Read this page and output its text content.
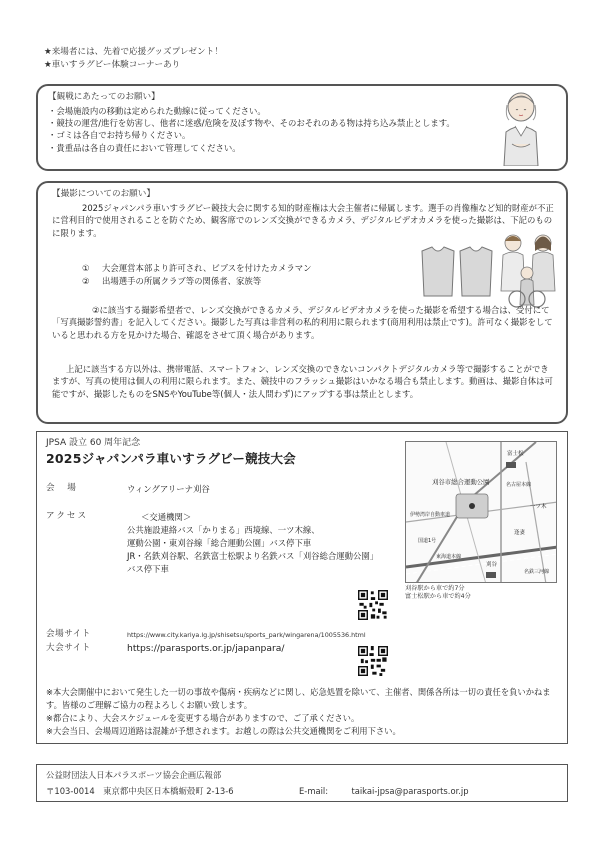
★来場者には、先着で応援グッズプレゼント！
★車いすラグビー体験コーナーあり
【観戦にあたってのお願い】
・会場施設内の移動は定められた動線に従ってください。
・競技の運営/進行を妨害し、他者に迷惑/危険を及ぼす物や、そのおそれのある物は持ち込み禁止とします。
・ゴミは各自でお持ち帰りください。
・貴重品は各自の責任において管理してください。
【撮影についてのお願い】
2025ジャパンパラ車いすラグビー競技大会に関する知的財産権は大会主催者に帰属します。選手の肖像権など知的財産が不正に営利目的で使用されることを防ぐため、観客席でのレンズ交換ができるカメラ、デジタルビデオカメラを使った撮影は、下記のものに限ります。
① 大会運営本部より許可され、ビブスを付けたカメラマン
② 出場選手の所属クラブ等の関係者、家族等
②に該当する撮影希望者で、レンズ交換ができるカメラ、デジタルビデオカメラを使った撮影を希望する場合は、受付にて「写真撮影誓約書」を記入してください。撮影した写真は非営利の私的利用に限られます(商用利用は禁止です)。許可なく撮影をしていると思われる方を見かけた場合、確認をさせて頂く場合があります。
上記に該当する方以外は、携帯電話、スマートフォン、レンズ交換のできないコンパクトデジタルカメラ等で撮影することができますが、写真の使用は個人の利用に限られます。また、競技中のフラッシュ撮影はいかなる場合も禁止します。動画は、撮影自体は可能ですが、撮影したものをSNSやYouTube等(個人・法人問わず)にアップする事は禁止とします。
JPSA 設立 60 周年記念
2025ジャパンパラ車いすラグビー競技大会
会　場	ウィングアリーナ刈谷
アクセス	＜交通機関＞
公共施設連絡バス「かりまる」西境線、一ツ木線、
運動公園・東刈谷線「総合運動公園」バス停下車
JR・名鉄刈谷駅、名鉄富士松駅より名鉄バス「刈谷総合運動公園」
バス停下車
刈谷市総合運動公園
富士松
一ツ木
刈谷
逢妻
名鉄三河線
東海道本線
伊勢湾岸自動車道
名古屋本線
国道1号
刈谷駅から車で約7分
富士松駅から車で約4分
会場サイト	https://www.city.kariya.lg.jp/shisetsu/sports_park/wingarena/1005536.html
大会サイト	https://parasports.or.jp/japanpara/
※本大会開催中において発生した一切の事故や傷病・疾病などに関し、応急処置を除いて、主催者、関係各所は一切の責任を負いかねます。皆様のご理解ご協力の程よろしくお願い致します。
※都合により、大会スケジュールを変更する場合がありますので、ご了承ください。
※大会当日、会場周辺道路は混雑が予想されます。お越しの際は公共交通機関をご利用下さい。
公益財団法人日本パラスポーツ協会企画広報部
〒103-0014　東京都中央区日本橋蛎殻町 2-13-6	E-mail:	taikai-jpsa@parasports.or.jp
